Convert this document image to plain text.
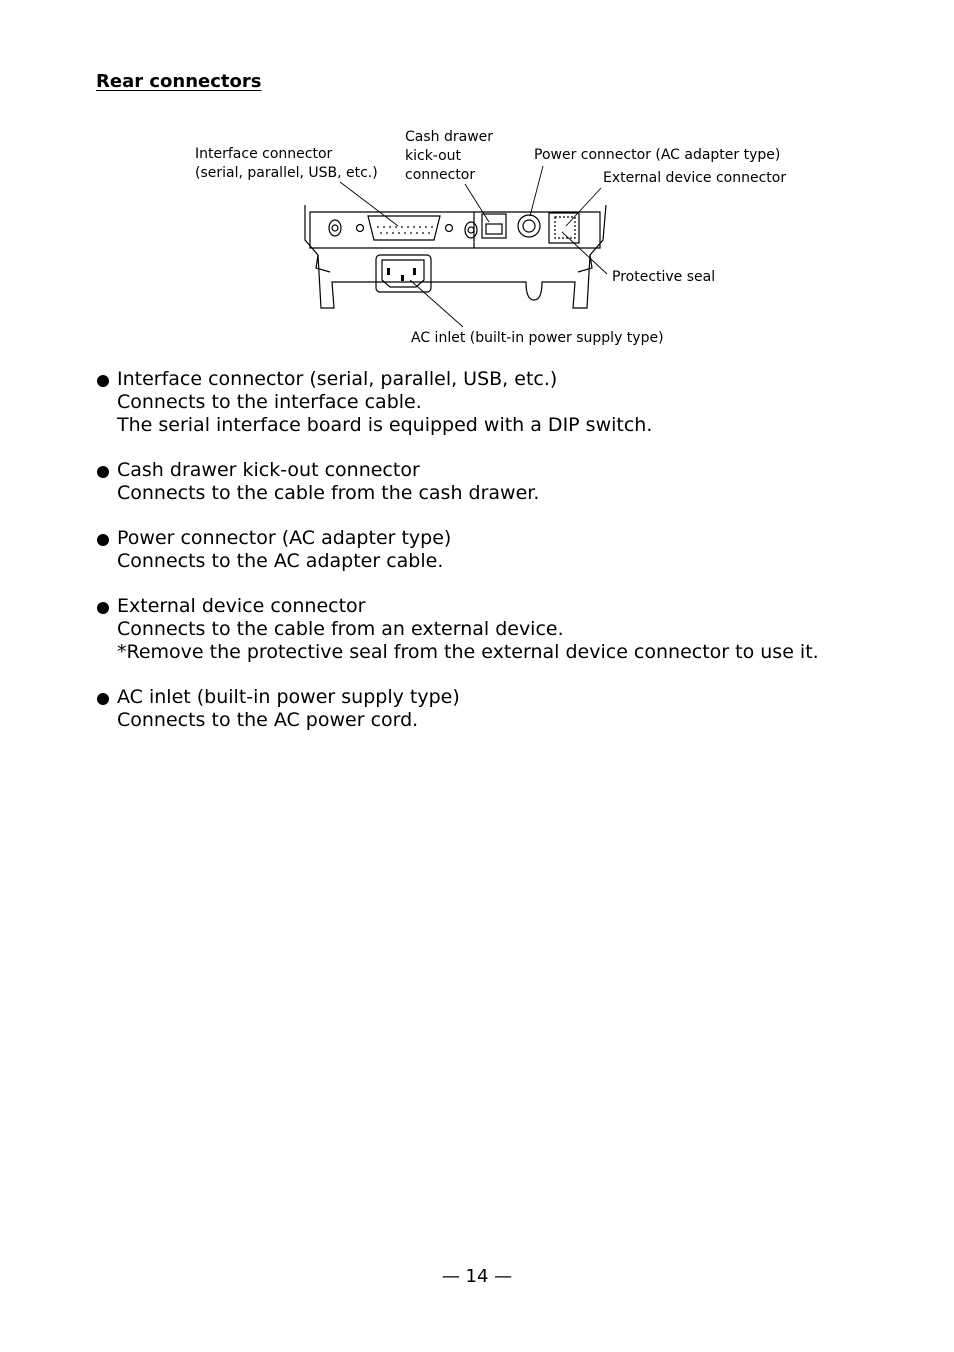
Rear connectors
Interface connector
(serial, parallel, USB, etc.)
Cash drawer
kick-out
connector
Power connector (AC adapter type)
External device connector
Protective seal
AC inlet (built-in power supply type)
Interface connector (serial, parallel, USB, etc.)
Connects to the interface cable.
The serial interface board is equipped with a DIP switch.
Cash drawer kick-out connector
Connects to the cable from the cash drawer.
Power connector (AC adapter type)
Connects to the AC adapter cable.
External device connector
Connects to the cable from an external device.
*Remove the protective seal from the external device connector to use it.
AC inlet (built-in power supply type)
Connects to the AC power cord.
— 14 —
